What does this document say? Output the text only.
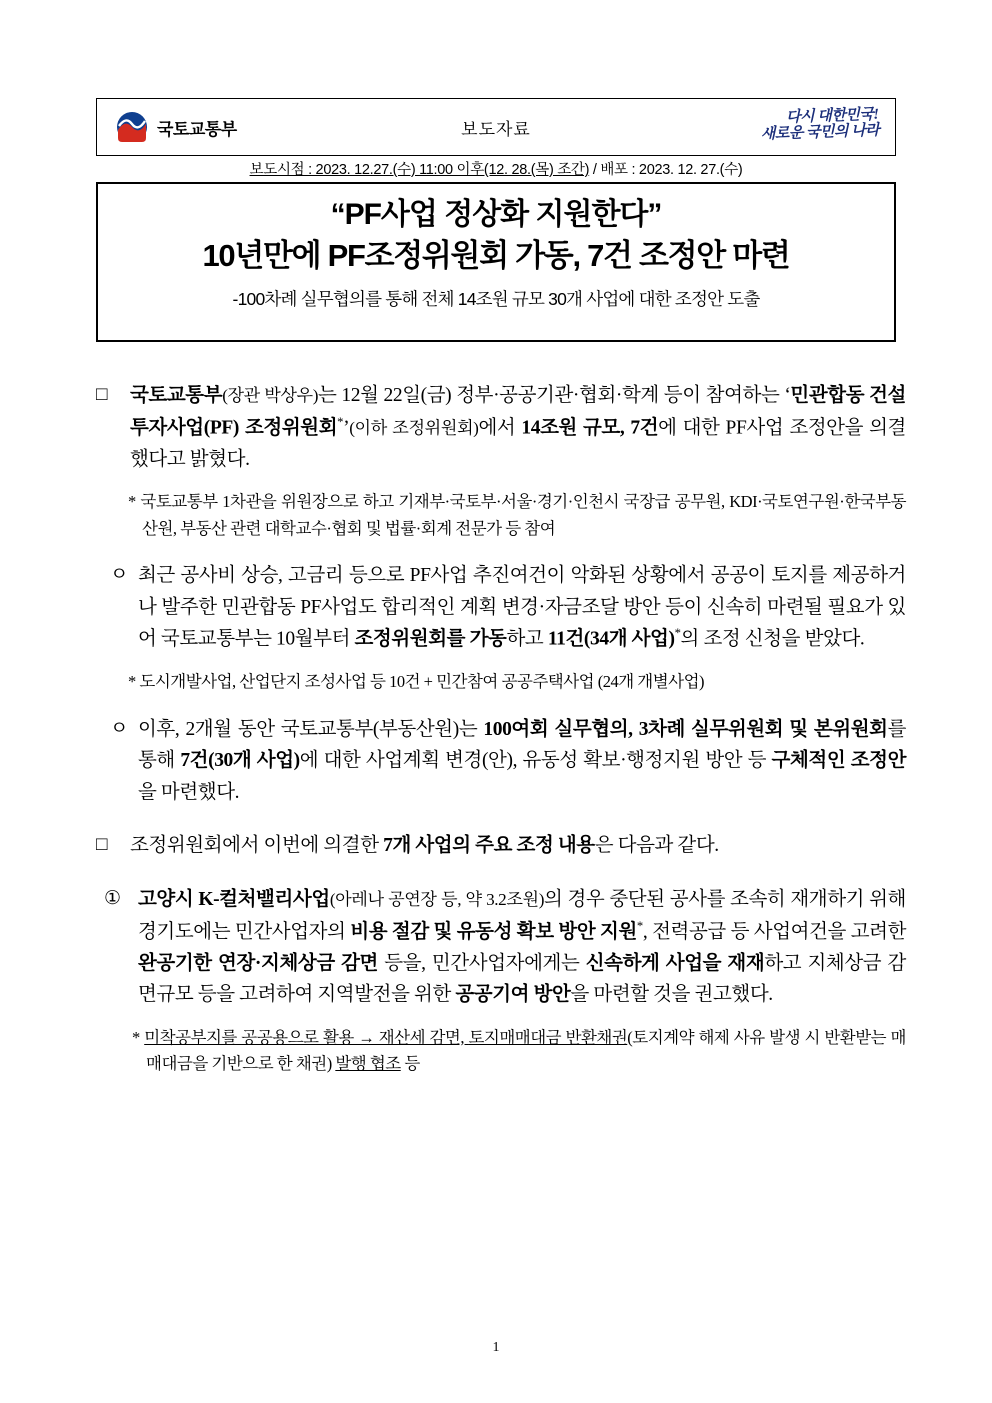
국토교통부	보도자료
다시 대한민국!
새로운 국민의 나라
보도시점 : 2023. 12.27.(수) 11:00 이후(12. 28.(목) 조간) / 배포 : 2023. 12. 27.(수)
“PF사업 정상화 지원한다”
10년만에 PF조정위원회 가동, 7건 조정안 마련
-100차례 실무협의를 통해 전체 14조원 규모 30개 사업에 대한 조정안 도출
□	국토교통부(장관 박상우)는 12월 22일(금) 정부·공공기관·협회·학계 등이 참여하는 ‘민관합동 건설투자사업(PF) 조정위원회*’(이하 조정위원회)에서 14조원 규모, 7건에 대한 PF사업 조정안을 의결했다고 밝혔다.
* 국토교통부 1차관을 위원장으로 하고 기재부·국토부·서울·경기·인천시 국장급 공무원, KDI·국토연구원·한국부동산원, 부동산 관련 대학교수·협회 및 법률·회계 전문가 등 참여
ㅇ 최근 공사비 상승, 고금리 등으로 PF사업 추진여건이 악화된 상황에서 공공이 토지를 제공하거나 발주한 민관합동 PF사업도 합리적인 계획 변경·자금조달 방안 등이 신속히 마련될 필요가 있어 국토교통부는 10월부터 조정위원회를 가동하고 11건(34개 사업)*의 조정 신청을 받았다.
* 도시개발사업, 산업단지 조성사업 등 10건 + 민간참여 공공주택사업 (24개 개별사업)
ㅇ 이후, 2개월 동안 국토교통부(부동산원)는 100여회 실무협의, 3차례 실무위원회 및 본위원회를 통해 7건(30개 사업)에 대한 사업계획 변경(안), 유동성 확보·행정지원 방안 등 구체적인 조정안을 마련했다.
□	조정위원회에서 이번에 의결한 7개 사업의 주요 조정 내용은 다음과 같다.
① 고양시 K-컬처밸리사업(아레나 공연장 등, 약 3.2조원)의 경우 중단된 공사를 조속히 재개하기 위해 경기도에는 민간사업자의 비용 절감 및 유동성 확보 방안 지원*, 전력공급 등 사업여건을 고려한 완공기한 연장·지체상금 감면 등을, 민간사업자에게는 신속하게 사업을 재재하고 지체상금 감면규모 등을 고려하여 지역발전을 위한 공공기여 방안을 마련할 것을 권고했다.
* 미착공부지를 공공용으로 활용 → 재산세 감면, 토지매매대금 반환채권(토지계약 해제 사유 발생 시 반환받는 매매대금을 기반으로 한 채권) 발행 협조 등
1
